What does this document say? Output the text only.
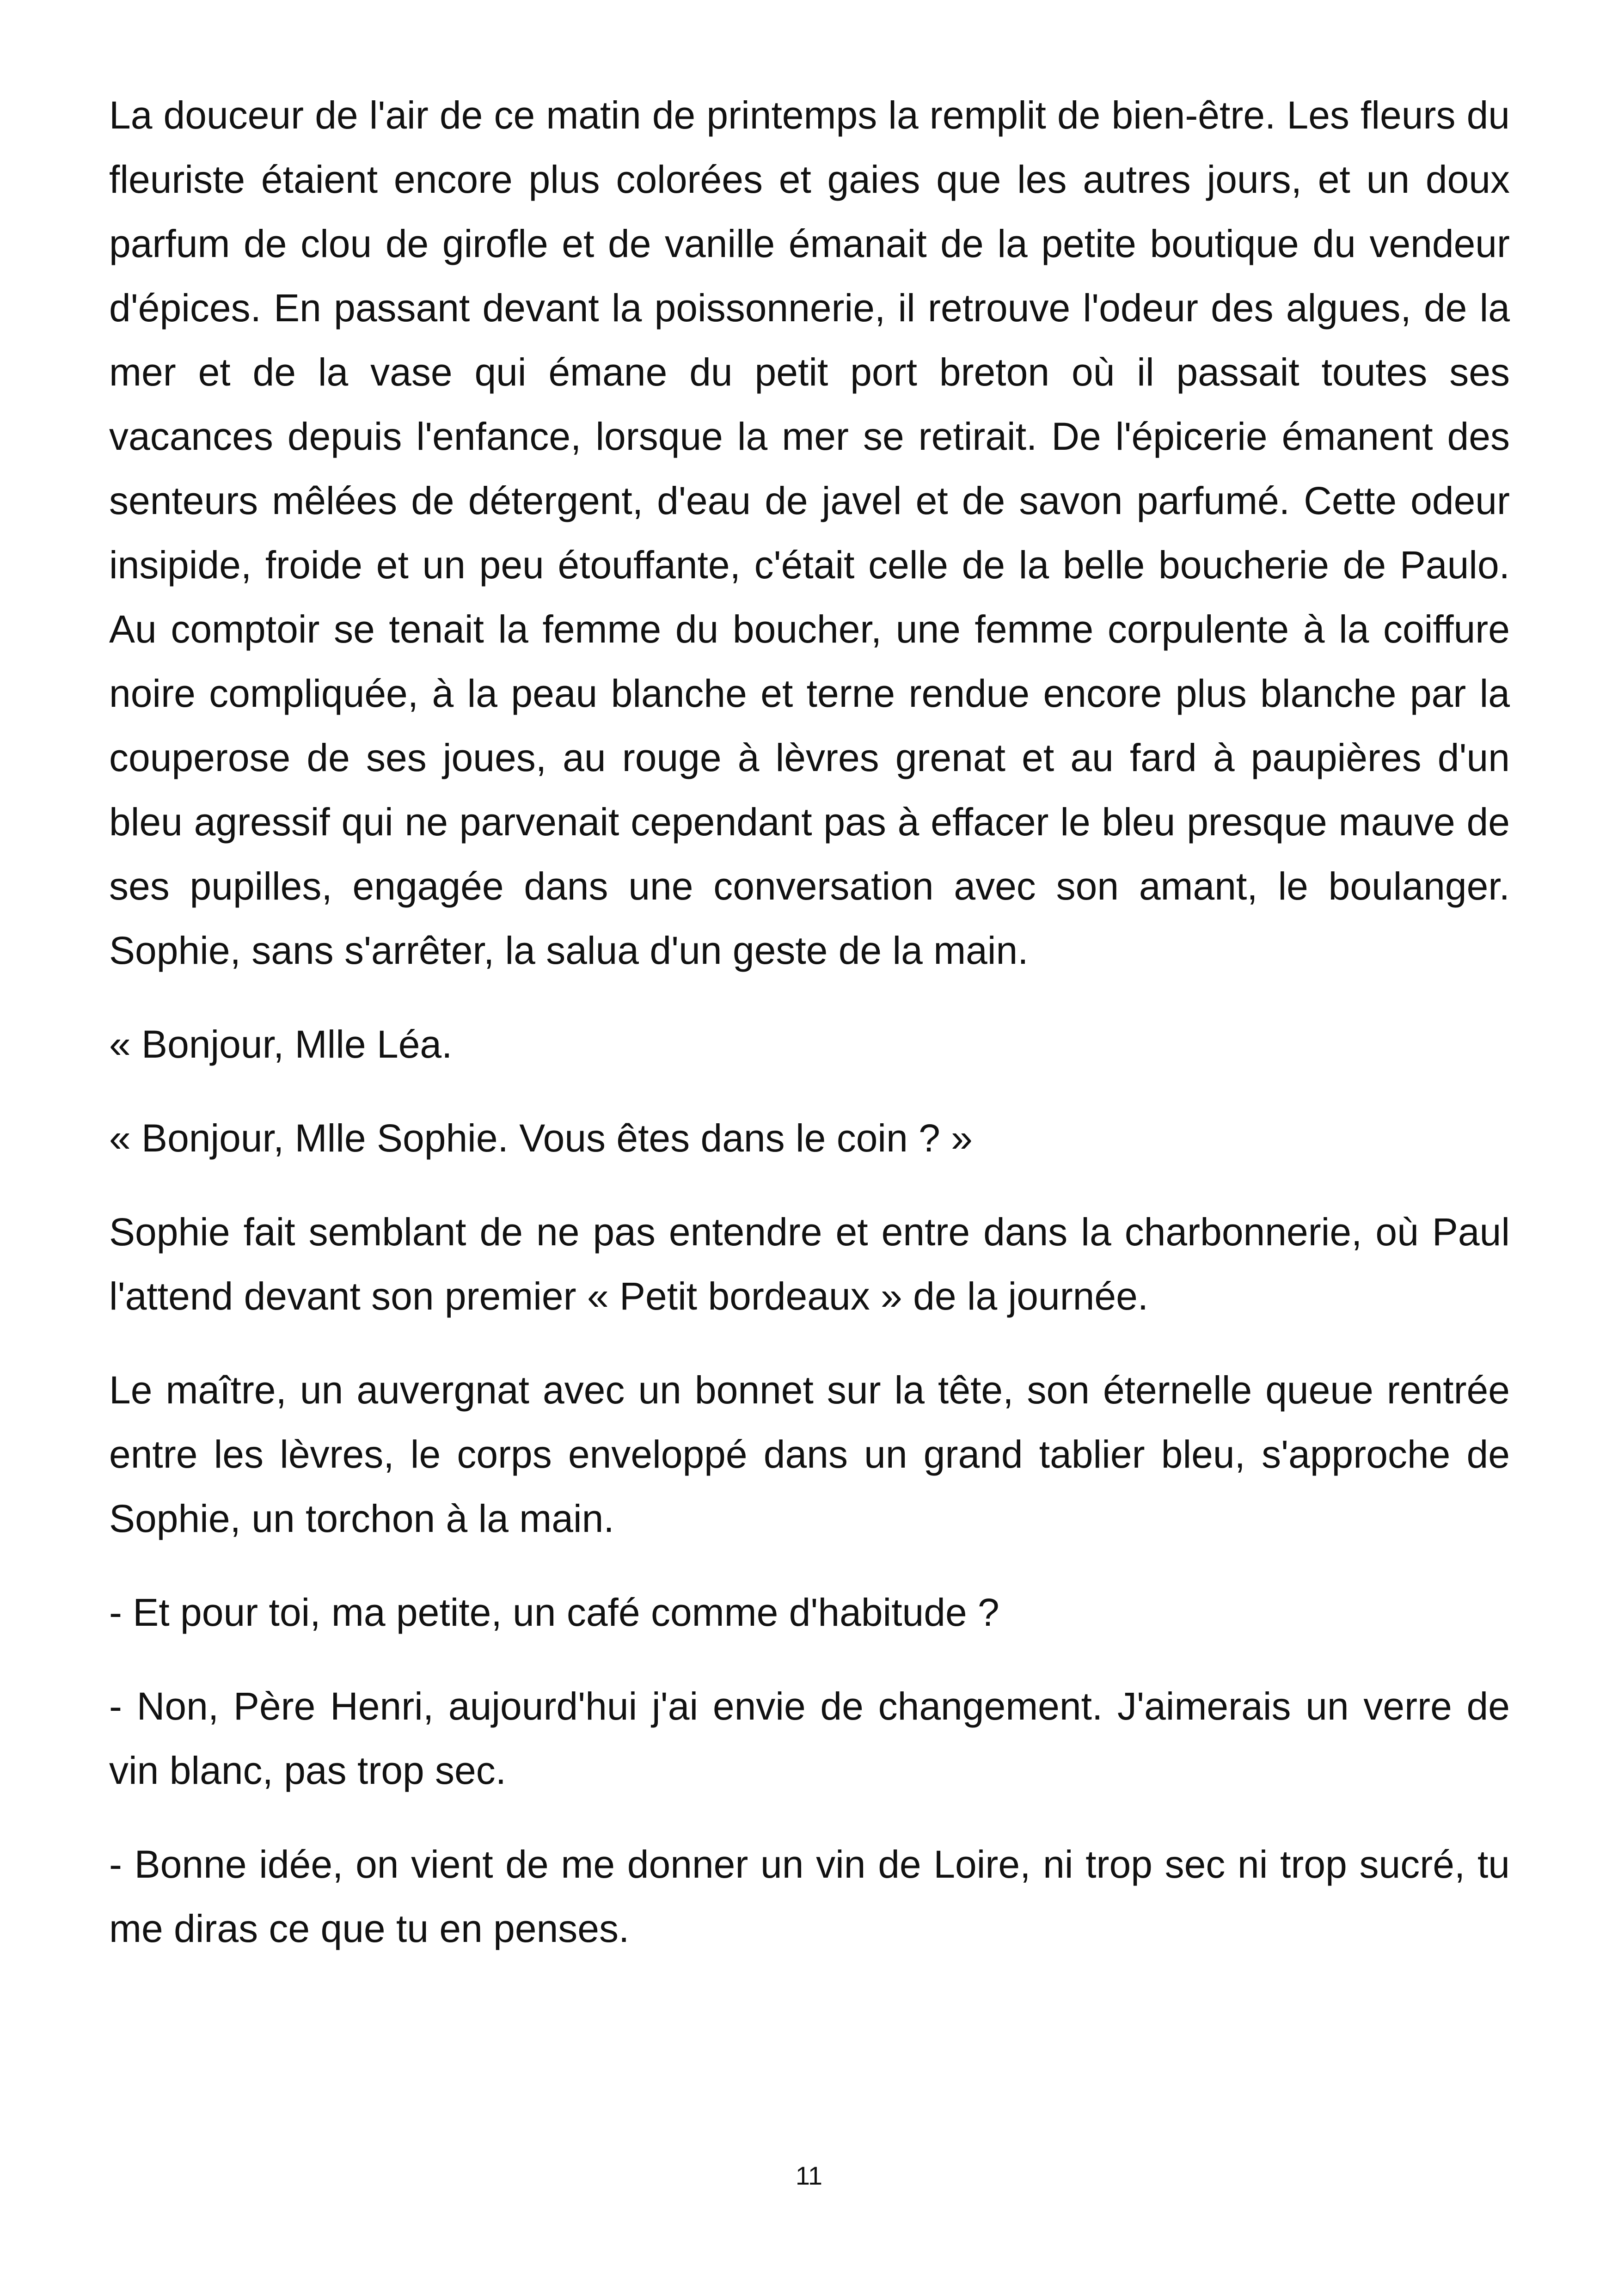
La douceur de l'air de ce matin de printemps la remplit de bien-être. Les fleurs du fleuriste étaient encore plus colorées et gaies que les autres jours, et un doux parfum de clou de girofle et de vanille émanait de la petite boutique du vendeur d'épices. En passant devant la poissonnerie, il retrouve l'odeur des algues, de la mer et de la vase qui émane du petit port breton où il passait toutes ses vacances depuis l'enfance, lorsque la mer se retirait. De l'épicerie émanent des senteurs mêlées de détergent, d'eau de javel et de savon parfumé. Cette odeur insipide, froide et un peu étouffante, c'était celle de la belle boucherie de Paulo. Au comptoir se tenait la femme du boucher, une femme corpulente à la coiffure noire compliquée, à la peau blanche et terne rendue encore plus blanche par la couperose de ses joues, au rouge à lèvres grenat et au fard à paupières d'un bleu agressif qui ne parvenait cependant pas à effacer le bleu presque mauve de ses pupilles, engagée dans une conversation avec son amant, le boulanger. Sophie, sans s'arrêter, la salua d'un geste de la main.

« Bonjour, Mlle Léa.

« Bonjour, Mlle Sophie. Vous êtes dans le coin ? »

Sophie fait semblant de ne pas entendre et entre dans la charbonnerie, où Paul l'attend devant son premier « Petit bordeaux » de la journée.

Le maître, un auvergnat avec un bonnet sur la tête, son éternelle queue rentrée entre les lèvres, le corps enveloppé dans un grand tablier bleu, s'approche de Sophie, un torchon à la main.

- Et pour toi, ma petite, un café comme d'habitude ?

- Non, Père Henri, aujourd'hui j'ai envie de changement. J'aimerais un verre de vin blanc, pas trop sec.

- Bonne idée, on vient de me donner un vin de Loire, ni trop sec ni trop sucré, tu me diras ce que tu en penses.

11
